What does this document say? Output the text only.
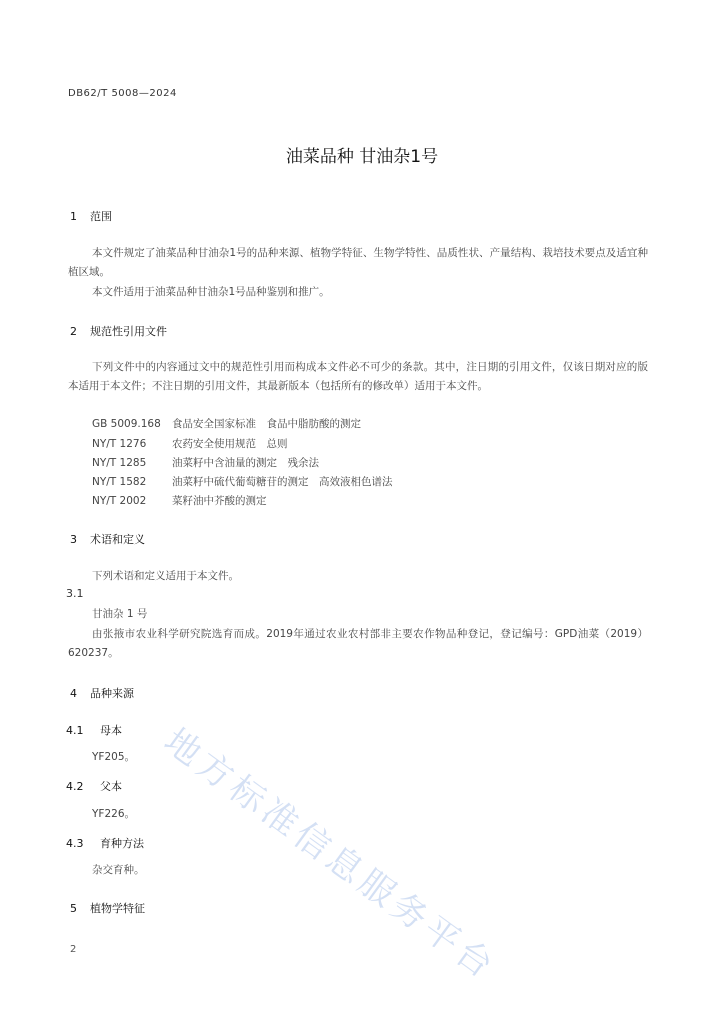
DB62/T 5008—2024
油菜品种 甘油杂1号
1 范围
本文件规定了油菜品种甘油杂1号的品种来源、植物学特征、生物学特性、品质性状、产量结构、栽培技术要点及适宜种植区域。
本文件适用于油菜品种甘油杂1号品种鉴别和推广。
2 规范性引用文件
下列文件中的内容通过文中的规范性引用而构成本文件必不可少的条款。其中，注日期的引用文件，仅该日期对应的版本适用于本文件；不注日期的引用文件，其最新版本（包括所有的修改单）适用于本文件。
GB 5009.168 食品安全国家标准　食品中脂肪酸的测定
NY/T 1276 农药安全使用规范　总则
NY/T 1285 油菜籽中含油量的测定　残余法
NY/T 1582 油菜籽中硫代葡萄糖苷的测定　高效液相色谱法
NY/T 2002 菜籽油中芥酸的测定
3 术语和定义
下列术语和定义适用于本文件。
3.1
甘油杂 1 号
由张掖市农业科学研究院选育而成。2019年通过农业农村部非主要农作物品种登记，登记编号：GPD油菜（2019）620237。
4 品种来源
4.1 母本
YF205。
4.2 父本
YF226。
4.3 育种方法
杂交育种。
5 植物学特征
2 地方标准信息服务平台
